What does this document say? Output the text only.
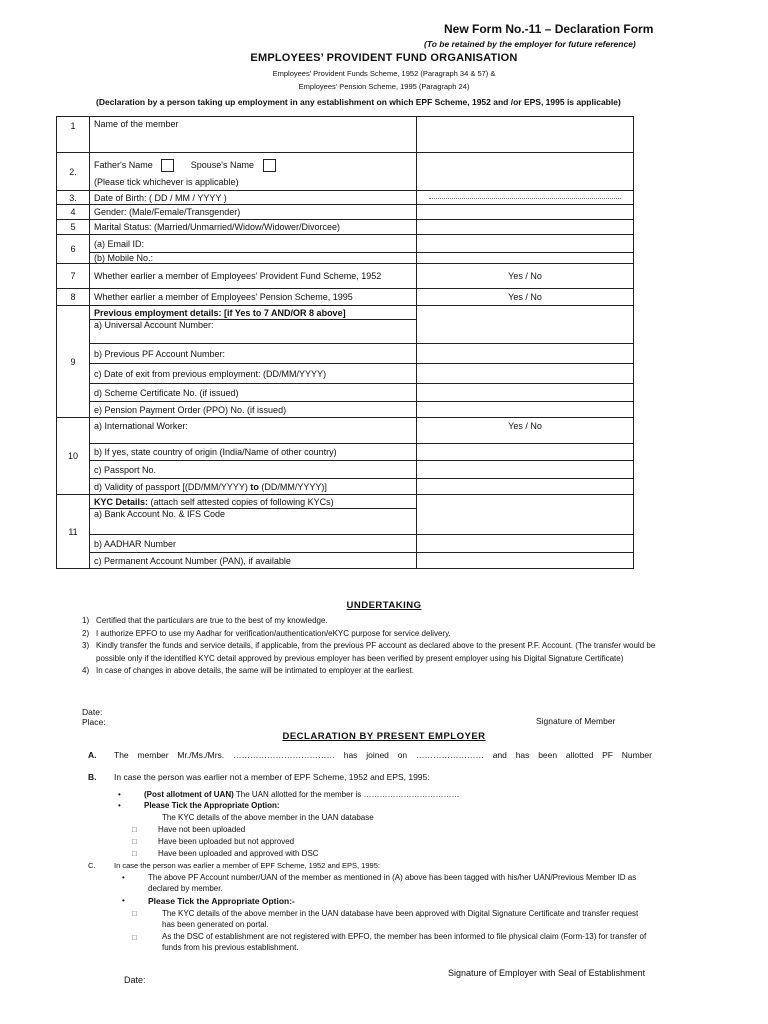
New Form No.-11 – Declaration Form
(To be retained by the employer for future reference)
EMPLOYEES’ PROVIDENT FUND ORGANISATION
Employees’ Provident Funds Scheme, 1952 (Paragraph 34 & 57) &
Employees’ Pension Scheme, 1995 (Paragraph 24)
(Declaration by a person taking up employment in any establishment on which EPF Scheme, 1952 and /or EPS, 1995 is applicable)
1	Name of the member	
2.	Father's Name Spouse's Name
(Please tick whichever is applicable)	

3.	Date of Birth: ( DD / MM / YYYY )	

4	Gender: (Male/Female/Transgender)	
5	Marital Status: (Married/Unmarried/Widow/Widower/Divorcee)	
6	(a) Email ID:	
	(b) Mobile No.:	
7	Whether earlier a member of Employees’ Provident Fund Scheme, 1952	Yes / No
8	Whether earlier a member of Employees’ Pension Scheme, 1995	Yes / No
9	Previous employment details: [if Yes to 7 AND/OR 8 above]	
	a) Universal Account Number:	
	b) Previous PF Account Number:	
	c) Date of exit from previous employment: (DD/MM/YYYY)	
	d) Scheme Certificate No. (if issued)	
	e) Pension Payment Order (PPO) No. (if issued)	
10	a) International Worker:	Yes / No
	b) If yes, state country of origin (India/Name of other country)	
	c) Passport No.	
	d) Validity of passport [(DD/MM/YYYY) to (DD/MM/YYYY)]	
11	KYC Details: (attach self attested copies of following KYCs)	
	a) Bank Account No. & IFS Code	
	b) AADHAR Number	
	c) Permanent Account Number (PAN), if available	
UNDERTAKING
1) Certified that the particulars are true to the best of my knowledge.
2) I authorize EPFO to use my Aadhar for verification/authentication/eKYC purpose for service delivery.
3) Kindly transfer the funds and service details, if applicable, from the previous PF account as declared above to the present P.F. Account. (The transfer would be possible only if the identified KYC detail approved by previous employer has been verified by present employer using his Digital Signature Certificate)
4) In case of changes in above details, the same will be intimated to employer at the earliest.
Date:
Place:	Signature of Member
DECLARATION BY PRESENT EMPLOYER
A. The member Mr./Ms./Mrs. ……………………………… has joined on …………………… and has been allotted PF Number
B. In case the person was earlier not a member of EPF Scheme, 1952 and EPS, 1995:
•	(Post allotment of UAN) The UAN allotted for the member is ………………………………
•	Please Tick the Appropriate Option:
The KYC details of the above member in the UAN database
□	Have not been uploaded
□	Have been uploaded but not approved
□	Have been uploaded and approved with DSC
C. In case the person was earlier a member of EPF Scheme, 1952 and EPS, 1995:
•	The above PF Account number/UAN of the member as mentioned in (A) above has been tagged with his/her UAN/Previous Member ID as declared by member.
•	Please Tick the Appropriate Option:-
□	The KYC details of the above member in the UAN database have been approved with Digital Signature Certificate and transfer request has been generated on portal.
□	As the DSC of establishment are not registered with EPFO, the member has been informed to file physical claim (Form-13) for transfer of funds from his previous establishment.
Signature of Employer with Seal of Establishment
Date:
